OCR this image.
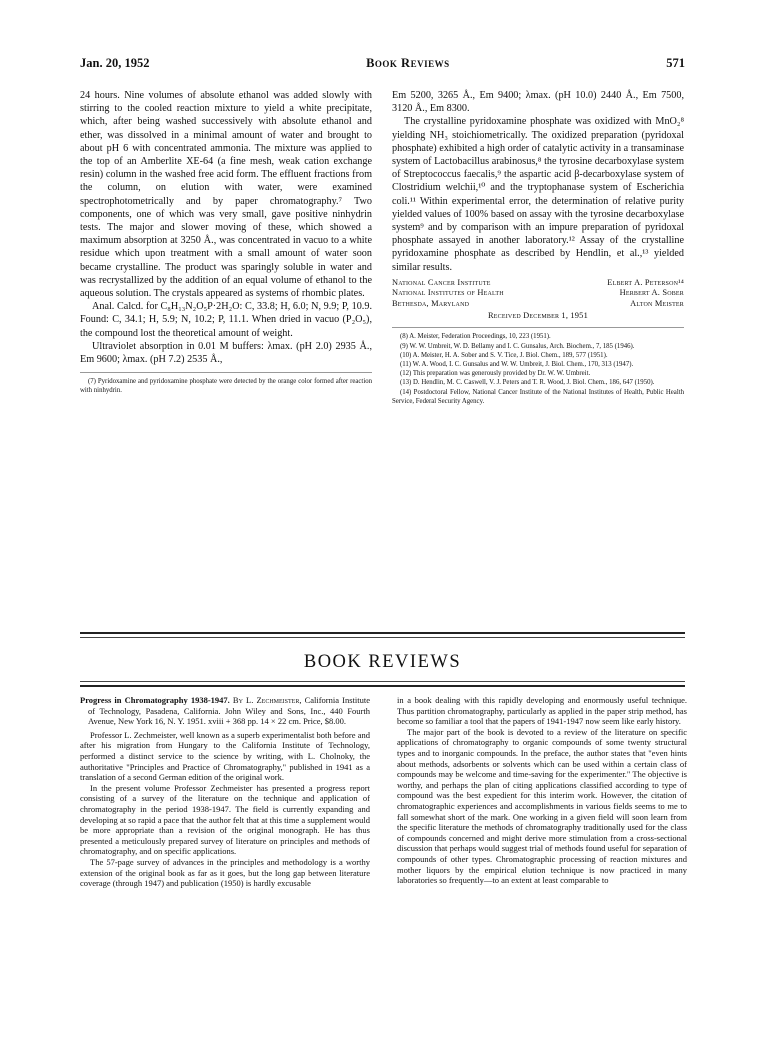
Jan. 20, 1952	Book Reviews	571

24 hours. Nine volumes of absolute ethanol was added slowly with stirring to the cooled reaction mixture to yield a white precipitate, which, after being washed successively with absolute ethanol and ether, was dissolved in a minimal amount of water and brought to about pH 6 with concentrated ammonia. The mixture was applied to the top of an Amberlite XE-64 (a fine mesh, weak cation exchange resin) column in the washed free acid form. The effluent fractions from the column, on elution with water, were examined spectrophotometrically and by paper chromatography.⁷ Two components, one of which was very small, gave positive ninhydrin tests. The major and slower moving of these, which showed a maximum absorption at 3250 Å., was concentrated in vacuo to a white residue which upon treatment with a small amount of water soon became crystalline. The product was sparingly soluble in water and was recrystallized by the addition of an equal volume of ethanol to the aqueous solution. The crystals appeared as systems of rhombic plates.

Anal. Calcd. for C₈H₁₃N₂O₅P·2H₂O: C, 33.8; H, 6.0; N, 9.9; P, 10.9. Found: C, 34.1; H, 5.9; N, 10.2; P, 11.1. When dried in vacuo (P₂O₅), the compound lost the theoretical amount of weight.

Ultraviolet absorption in 0.01 M buffers: λmax. (pH 2.0) 2935 Å., Em 9600; λmax. (pH 7.2) 2535 Å.,

(7) Pyridoxamine and pyridoxamine phosphate were detected by the orange color formed after reaction with ninhydrin.

Em 5200, 3265 Å., Em 9400; λmax. (pH 10.0) 2440 Å., Em 7500, 3120 Å., Em 8300.

The crystalline pyridoxamine phosphate was oxidized with MnO₂⁸ yielding NH₃ stoichiometrically. The oxidized preparation (pyridoxal phosphate) exhibited a high order of catalytic activity in a transaminase system of Lactobacillus arabinosus,⁸ the tyrosine decarboxylase system of Streptococcus faecalis,⁹ the aspartic acid β-decarboxylase system of Clostridium welchii,¹⁰ and the tryptophanase system of Escherichia coli.¹¹ Within experimental error, the determination of relative purity yielded values of 100% based on assay with the tyrosine decarboxylase system⁹ and by comparison with an impure preparation of pyridoxal phosphate assayed in another laboratory.¹² Assay of the crystalline pyridoxamine phosphate as described by Hendlin, et al.,¹³ yielded similar results.

National Cancer Institute	Elbert A. Peterson¹⁴
National Institutes of Health	Herbert A. Sober
Bethesda, Maryland	Alton Meister
Received December 1, 1951

(8) A. Meister, Federation Proceedings, 10, 223 (1951).

(9) W. W. Umbreit, W. D. Bellamy and I. C. Gunsalus, Arch. Biochem., 7, 185 (1946).

(10) A. Meister, H. A. Sober and S. V. Tice, J. Biol. Chem., 189, 577 (1951).

(11) W. A. Wood, I. C. Gunsalus and W. W. Umbreit, J. Biol. Chem., 170, 313 (1947).

(12) This preparation was generously provided by Dr. W. W. Umbreit.

(13) D. Hendlin, M. C. Caswell, V. J. Peters and T. R. Wood, J. Biol. Chem., 186, 647 (1950).

(14) Postdoctoral Fellow, National Cancer Institute of the National Institutes of Health, Public Health Service, Federal Security Agency.

BOOK REVIEWS

Progress in Chromatography 1938-1947. By L. Zechmeister, California Institute of Technology, Pasadena, California. John Wiley and Sons, Inc., 440 Fourth Avenue, New York 16, N. Y. 1951. xviii + 368 pp. 14 × 22 cm. Price, $8.00.

Professor L. Zechmeister, well known as a superb experimentalist both before and after his migration from Hungary to the California Institute of Technology, performed a distinct service to the science by writing, with L. Cholnoky, the authoritative "Principles and Practice of Chromatography," published in 1941 as a translation of a second German edition of the original work.

In the present volume Professor Zechmeister has presented a progress report consisting of a survey of the literature on the technique and application of chromatography in the period 1938-1947. The field is currently expanding and developing at so rapid a pace that the author felt that at this time a supplement would be more appropriate than a revision of the original monograph. He has thus presented a meticulously prepared survey of literature on principles and methods of chromatography, and on specific applications.

The 57-page survey of advances in the principles and methodology is a worthy extension of the original book as far as it goes, but the long gap between literature coverage (through 1947) and publication (1950) is hardly excusable

in a book dealing with this rapidly developing and enormously useful technique. Thus partition chromatography, particularly as applied in the paper strip method, has become so familiar a tool that the papers of 1941-1947 now seem like early history.

The major part of the book is devoted to a review of the literature on specific applications of chromatography to organic compounds of some twenty structural types and to inorganic compounds. In the preface, the author states that "even hints about methods, adsorbents or solvents which can be used within a certain class of compounds may be welcome and time-saving for the experimenter." The objective is worthy, and perhaps the plan of citing applications classified according to type of compound was the best expedient for this interim work. However, the citation of chromatographic experiences and accomplishments in various fields seems to me to fall somewhat short of the mark. One working in a given field will soon learn from the specific literature the methods of chromatography traditionally used for the class of compounds concerned and might derive more stimulation from a cross-sectional discussion that perhaps would suggest trial of methods found useful for separation of compounds of other types. Chromatographic processing of reaction mixtures and mother liquors by the empirical elution technique is now practiced in many laboratories so frequently—to an extent at least comparable to
